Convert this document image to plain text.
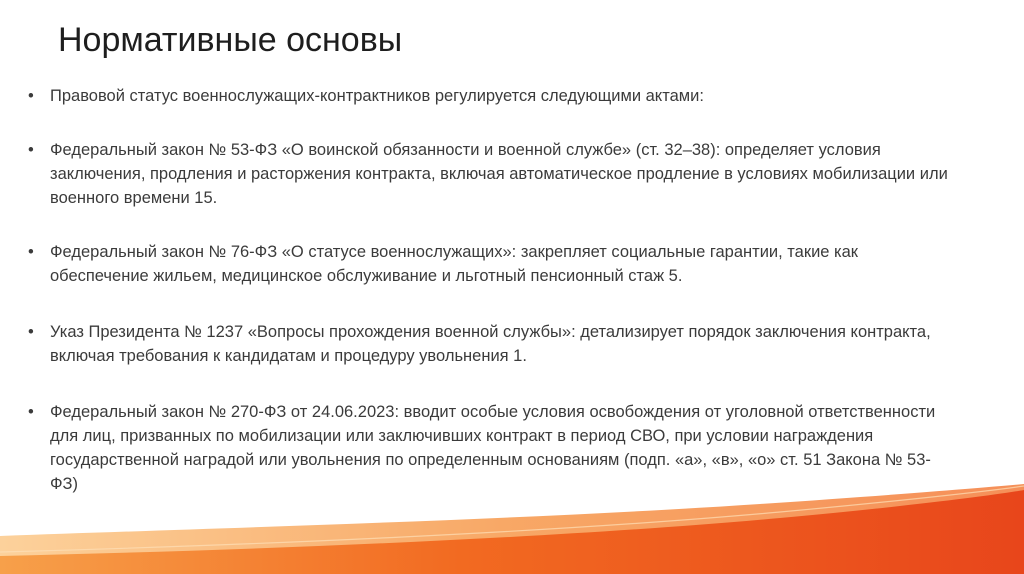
Нормативные основы
• Правовой статус военнослужащих-контрактников регулируется следующими актами:
• Федеральный закон № 53-ФЗ «О воинской обязанности и военной службе» (ст. 32–38): определяет условия заключения, продления и расторжения контракта, включая автоматическое продление в условиях мобилизации или военного времени 15.
• Федеральный закон № 76-ФЗ «О статусе военнослужащих»: закрепляет социальные гарантии, такие как обеспечение жильем, медицинское обслуживание и льготный пенсионный стаж 5.
• Указ Президента № 1237 «Вопросы прохождения военной службы»: детализирует порядок заключения контракта, включая требования к кандидатам и процедуру увольнения 1.
• Федеральный закон № 270-ФЗ от 24.06.2023: вводит особые условия освобождения от уголовной ответственности для лиц, призванных по мобилизации или заключивших контракт в период СВО, при условии награждения государственной наградой или увольнения по определенным основаниям (подп. «а», «в», «о» ст. 51 Закона № 53-ФЗ)
